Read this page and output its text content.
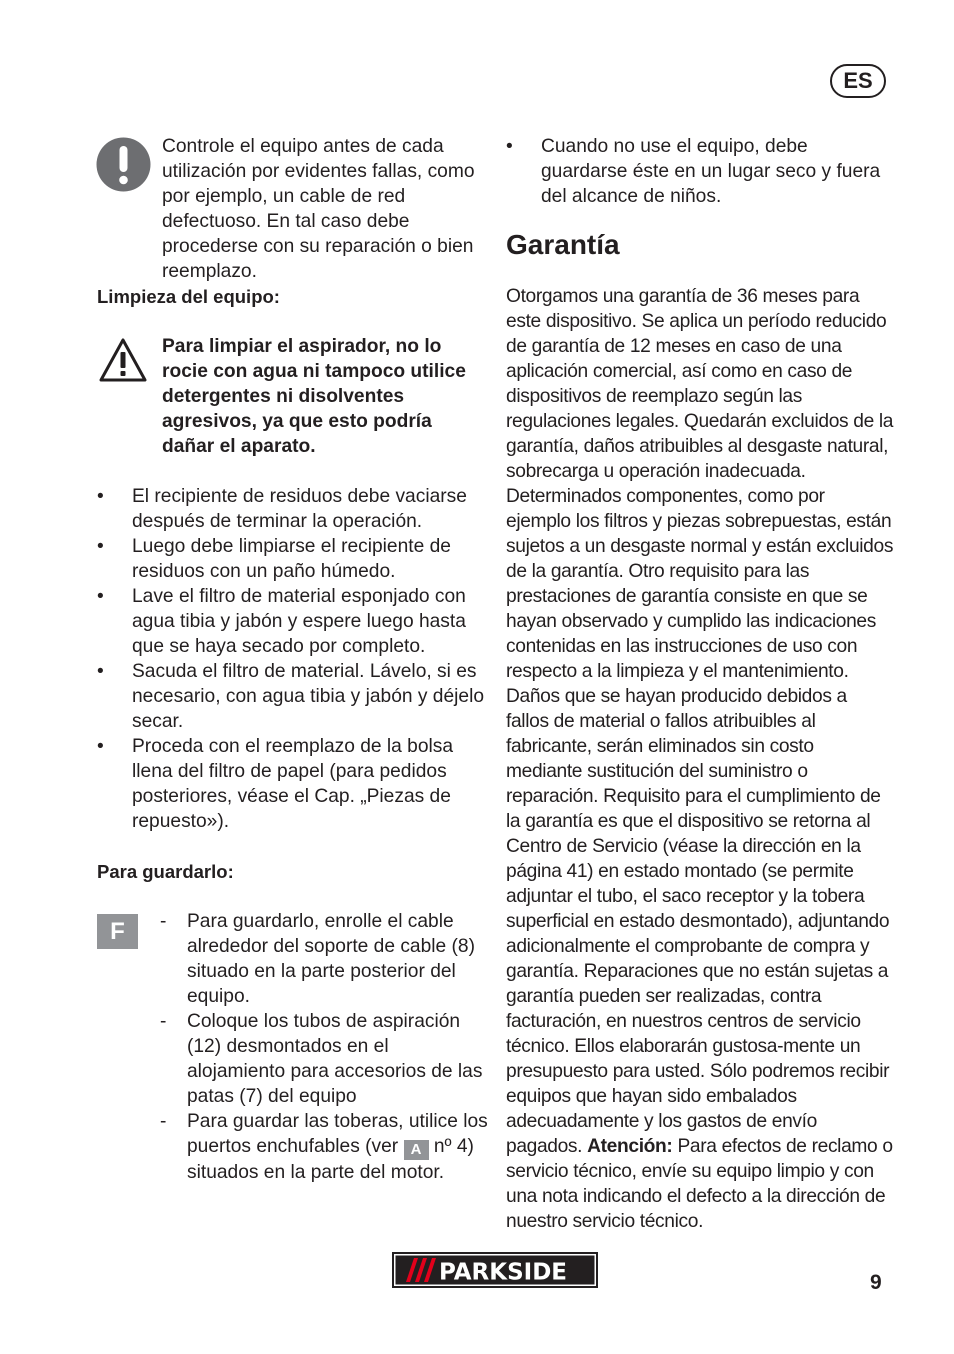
ES

Controle el equipo antes de cada utilización por evidentes fallas, como por ejemplo, un cable de red defectuoso. En tal caso debe procederse con su reparación o bien reemplazo.

Limpieza del equipo:

Para limpiar el aspirador, no lo rocie con agua ni tampoco utilice detergentes ni disolventes agresivos, ya que esto podría dañar el aparato.

• El recipiente de residuos debe vaciarse después de terminar la operación.
• Luego debe limpiarse el recipiente de residuos con un paño húmedo.
• Lave el filtro de material esponjado con agua tibia y jabón y espere luego hasta que se haya secado por completo.
• Sacuda el filtro de material. Lávelo, si es necesario, con agua tibia y jabón y déjelo secar.
• Proceda con el reemplazo de la bolsa llena del filtro de papel (para pedidos posteriores, véase el Cap. „Piezas de repuesto»).
Para guardarlo:
F	- Para guardarlo, enrolle el cable alrededor del soporte de cable (8) situado en la parte posterior del equipo.
- Coloque los tubos de aspiración (12) desmontados en el alojamiento para accesorios de las patas (7) del equipo
- Para guardar las toberas, utilice los puertos enchufables (ver A nº 4) situados en la parte del motor.
• Cuando no use el equipo, debe guardarse éste en un lugar seco y fuera del alcance de niños.
Garantía
Otorgamos una garantía de 36 meses para este dispositivo. Se aplica un período reducido de garantía de 12 meses en caso de una aplicación comercial, así como en caso de dispositivos de reemplazo según las regulaciones legales. Quedarán excluidos de la garantía, daños atribuibles al desgaste natural, sobrecarga u operación inadecuada. Determinados componentes, como por ejemplo los filtros y piezas sobrepuestas, están sujetos a un desgaste normal y están excluidos de la garantía. Otro requisito para las prestaciones de garantía consiste en que se hayan observado y cumplido las indicaciones contenidas en las instrucciones de uso con respecto a la limpieza y el mantenimiento. Daños que se hayan producido debidos a fallos de material o fallos atribuibles al fabricante, serán eliminados sin costo mediante sustitución del suministro o reparación. Requisito para el cumplimiento de la garantía es que el dispositivo se retorna al Centro de Servicio (véase la dirección en la página 41) en estado montado (se permite adjuntar el tubo, el saco receptor y la tobera superficial en estado desmontado), adjuntando adicionalmente el comprobante de compra y garantía. Reparaciones que no están sujetas a garantía pueden ser realizadas, contra facturación, en nuestros centros de servicio técnico. Ellos elaborarán gustosa-mente un presupuesto para usted. Sólo podremos recibir equipos que hayan sido embalados adecuadamente y los gastos de envío pagados. Atención: Para efectos de reclamo o servicio técnico, envíe su equipo limpio y con una nota indicando el defecto a la dirección de nuestro servicio técnico.
PARKSIDE	9
